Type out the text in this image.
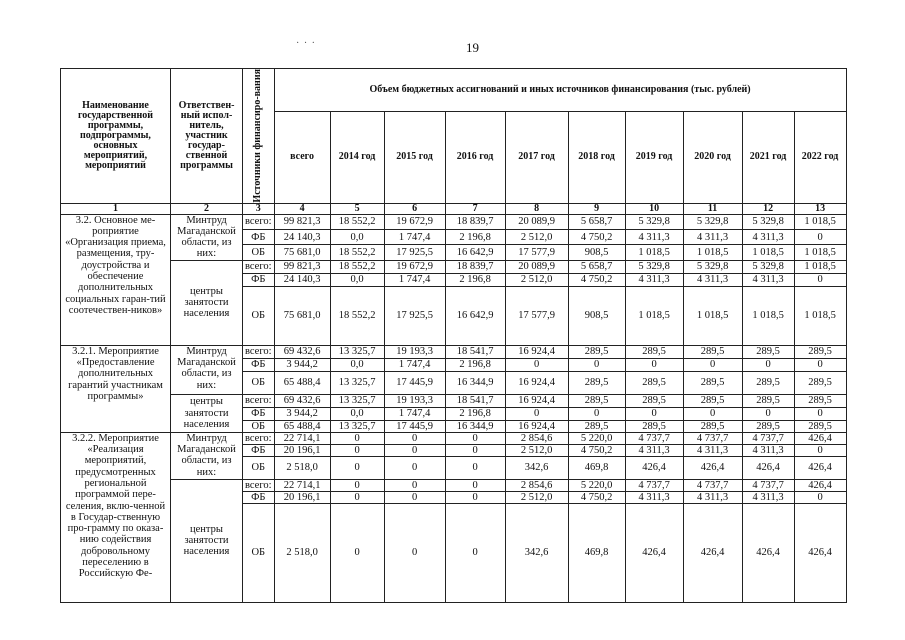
· · ·	19
Наименование государственной программы, подпрограммы, основных мероприятий, мероприятий	Ответствен-ный испол-нитель, участник государ-ственной программы	Источники финансиро-вания	Объем бюджетных ассигнований и иных источников финансирования (тыс. рублей)									
			всего	2014 год	2015 год	2016 год	2017 год	2018 год	2019 год	2020 год	2021 год	2022 год
1	2	3	4	5	6	7	8	9	10	11	12	13
3.2. Основное ме-роприятие «Организация приема, размещения, тру-доустройства и обеспечение дополнительных социальных гаран-тий соотечествен-ников»	Минтруд Магаданской области, из них:	всего:	99 821,3	18 552,2	19 672,9	18 839,7	20 089,9	5 658,7	5 329,8	5 329,8	5 329,8	1 018,5
		ФБ	24 140,3	0,0	1 747,4	2 196,8	2 512,0	4 750,2	4 311,3	4 311,3	4 311,3	0
		ОБ	75 681,0	18 552,2	17 925,5	16 642,9	17 577,9	908,5	1 018,5	1 018,5	1 018,5	1 018,5
	центры занятости населения	всего:	99 821,3	18 552,2	19 672,9	18 839,7	20 089,9	5 658,7	5 329,8	5 329,8	5 329,8	1 018,5
		ФБ	24 140,3	0,0	1 747,4	2 196,8	2 512,0	4 750,2	4 311,3	4 311,3	4 311,3	0
		ОБ	75 681,0	18 552,2	17 925,5	16 642,9	17 577,9	908,5	1 018,5	1 018,5	1 018,5	1 018,5
3.2.1. Мероприятие «Предоставление дополнительных гарантий участникам программы»	Минтруд Магаданской области, из них:	всего:	69 432,6	13 325,7	19 193,3	18 541,7	16 924,4	289,5	289,5	289,5	289,5	289,5
		ФБ	3 944,2	0,0	1 747,4	2 196,8	0	0	0	0	0	0
		ОБ	65 488,4	13 325,7	17 445,9	16 344,9	16 924,4	289,5	289,5	289,5	289,5	289,5
	центры занятости населения	всего:	69 432,6	13 325,7	19 193,3	18 541,7	16 924,4	289,5	289,5	289,5	289,5	289,5
		ФБ	3 944,2	0,0	1 747,4	2 196,8	0	0	0	0	0	0
		ОБ	65 488,4	13 325,7	17 445,9	16 344,9	16 924,4	289,5	289,5	289,5	289,5	289,5
3.2.2. Мероприятие «Реализация мероприятий, предусмотренных региональной программой пере-селения, вклю-ченной в Государ-ственную про-грамму по оказа-нию содействия добровольному переселению в Российскую Фе-	Минтруд Магаданской области, из них:	всего:	22 714,1	0	0	0	2 854,6	5 220,0	4 737,7	4 737,7	4 737,7	426,4
		ФБ	20 196,1	0	0	0	2 512,0	4 750,2	4 311,3	4 311,3	4 311,3	0
		ОБ	2 518,0	0	0	0	342,6	469,8	426,4	426,4	426,4	426,4
	центры занятости населения	всего:	22 714,1	0	0	0	2 854,6	5 220,0	4 737,7	4 737,7	4 737,7	426,4
		ФБ	20 196,1	0	0	0	2 512,0	4 750,2	4 311,3	4 311,3	4 311,3	0
		ОБ	2 518,0	0	0	0	342,6	469,8	426,4	426,4	426,4	426,4
